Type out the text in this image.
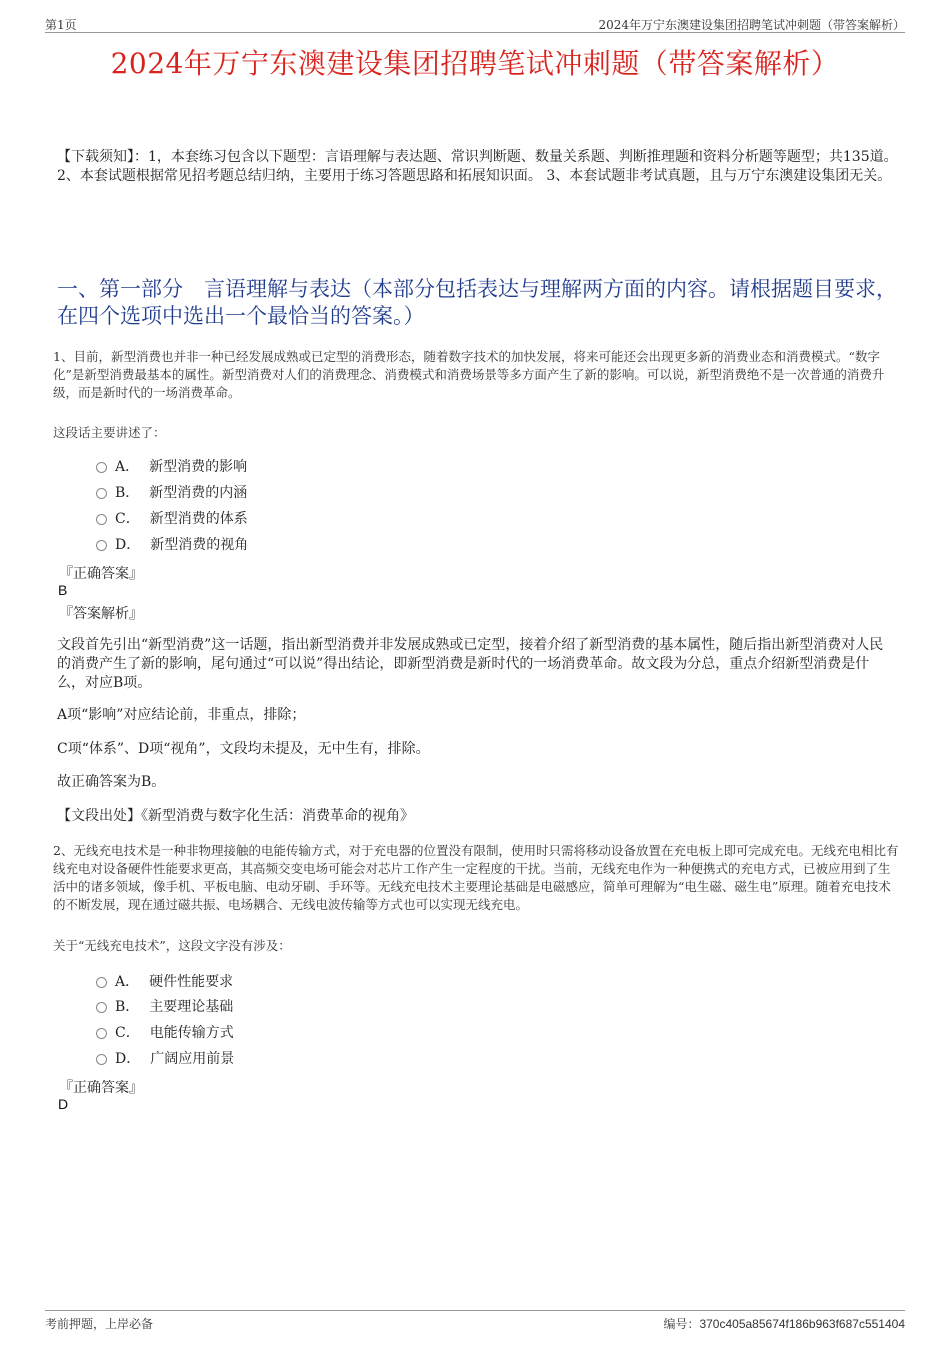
第1页	2024年万宁东澳建设集团招聘笔试冲刺题（带答案解析）
2024年万宁东澳建设集团招聘笔试冲刺题（带答案解析）
【下载须知】：1，本套练习包含以下题型：言语理解与表达题、常识判断题、数量关系题、判断推理题和资料分析题等题型；共135道。 2、本套试题根据常见招考题总结归纳，主要用于练习答题思路和拓展知识面。 3、本套试题非考试真题，且与万宁东澳建设集团无关。
一、第一部分　言语理解与表达（本部分包括表达与理解两方面的内容。请根据题目要求，在四个选项中选出一个最恰当的答案。）
1、目前，新型消费也并非一种已经发展成熟或已定型的消费形态，随着数字技术的加快发展，将来可能还会出现更多新的消费业态和消费模式。“数字化”是新型消费最基本的属性。新型消费对人们的消费理念、消费模式和消费场景等多方面产生了新的影响。可以说，新型消费绝不是一次普通的消费升级，而是新时代的一场消费革命。
这段话主要讲述了：
A． 新型消费的影响
B． 新型消费的内涵
C． 新型消费的体系
D． 新型消费的视角
『正确答案』
B
『答案解析』
文段首先引出“新型消费”这一话题，指出新型消费并非发展成熟或已定型，接着介绍了新型消费的基本属性，随后指出新型消费对人民的消费产生了新的影响，尾句通过“可以说”得出结论，即新型消费是新时代的一场消费革命。故文段为分总，重点介绍新型消费是什么，对应B项。
A项“影响”对应结论前，非重点，排除；
C项“体系”、D项“视角”，文段均未提及，无中生有，排除。
故正确答案为B。
【文段出处】《新型消费与数字化生活：消费革命的视角》
2、无线充电技术是一种非物理接触的电能传输方式，对于充电器的位置没有限制，使用时只需将移动设备放置在充电板上即可完成充电。无线充电相比有线充电对设备硬件性能要求更高，其高频交变电场可能会对芯片工作产生一定程度的干扰。当前，无线充电作为一种便携式的充电方式，已被应用到了生活中的诸多领域，像手机、平板电脑、电动牙刷、手环等。无线充电技术主要理论基础是电磁感应，简单可理解为“电生磁、磁生电”原理。随着充电技术的不断发展，现在通过磁共振、电场耦合、无线电波传输等方式也可以实现无线充电。
关于“无线充电技术”，这段文字没有涉及：
A． 硬件性能要求
B． 主要理论基础
C． 电能传输方式
D． 广阔应用前景
『正确答案』
D
考前押题，上岸必备	编号：370c405a85674f186b963f687c551404
